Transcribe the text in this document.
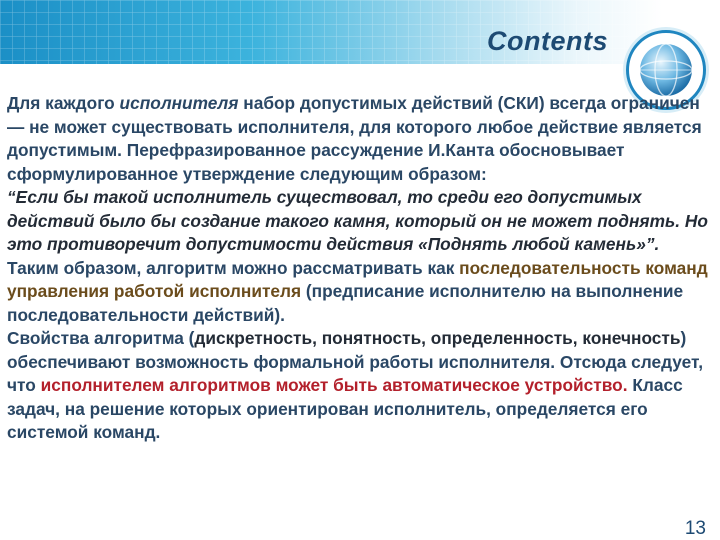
Contents

Для каждого исполнителя набор допустимых действий (СКИ) всегда ограничен — не может существовать исполнителя, для которого любое действие является допустимым. Перефразированное рассуждение И.Канта обосновывает сформулированное утверждение следующим образом:

“Если бы такой исполнитель существовал, то среди его допустимых действий было бы создание такого камня, который он не может поднять. Но это противоречит допустимости действия «Поднять любой камень»”.

Таким образом, алгоритм можно рассматривать как последовательность команд управления работой исполнителя (предписание исполнителю на выполнение последовательности действий).

Свойства алгоритма (дискретность, понятность, определенность, конечность) обеспечивают возможность формальной работы исполнителя. Отсюда следует, что исполнителем алгоритмов может быть автоматическое устройство. Класс задач, на решение которых ориентирован исполнитель, определяется его системой команд.

13
